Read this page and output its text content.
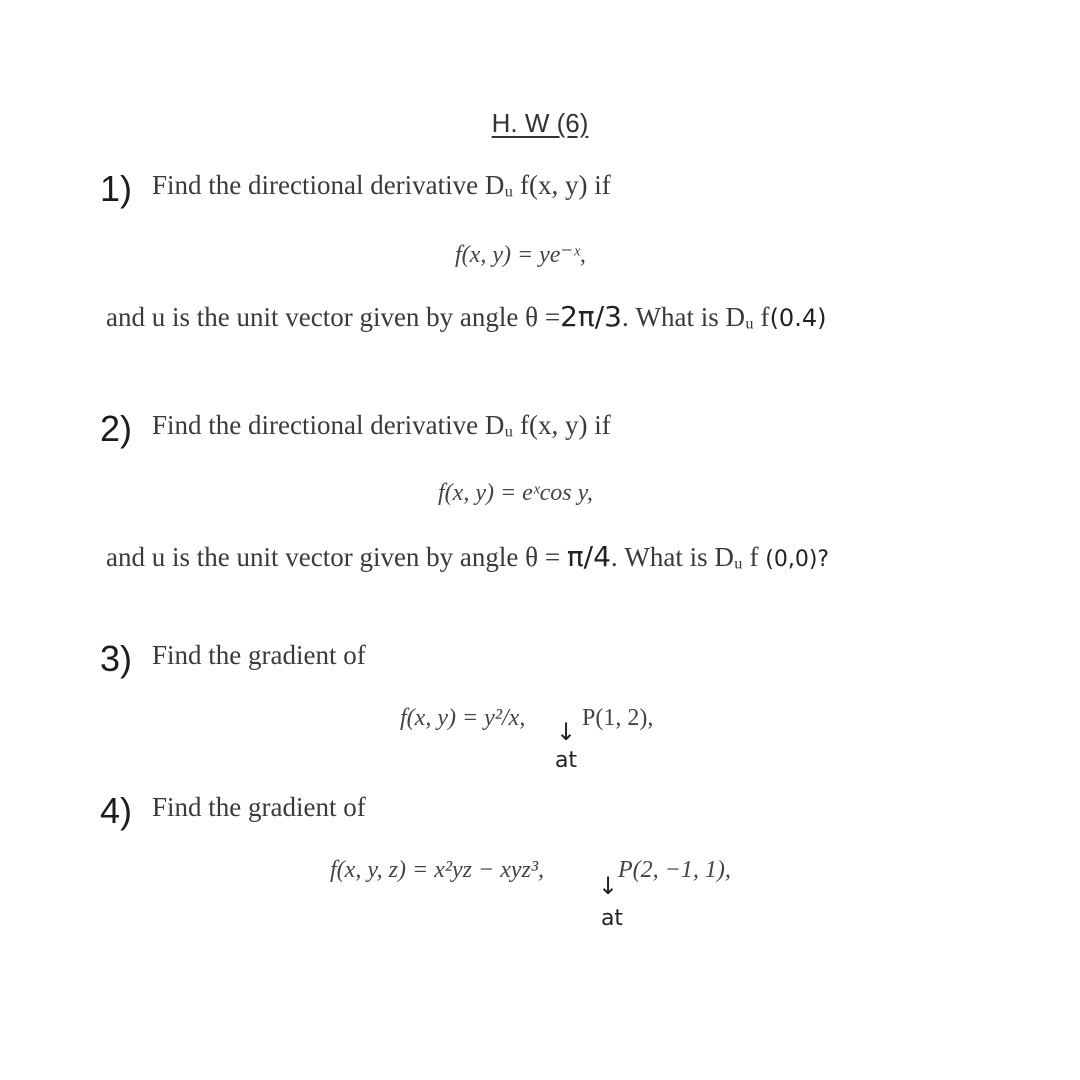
H. W (6)
1) Find the directional derivative Dᵤ f(x, y) if
f(x, y) = ye⁻ˣ,
and u is the unit vector given by angle θ =2π/3. What is Dᵤ f(0.4)
2) Find the directional derivative Dᵤ f(x, y) if
f(x, y) = eˣcos y,
and u is the unit vector given by angle θ = π/4. What is Dᵤ f (0,0)?
3) Find the gradient of
f(x, y) = y²/x, ↓ P(1, 2),
at
4) Find the gradient of
f(x, y, z) = x²yz − xyz³,
↓
P(2, −1, 1),
at
